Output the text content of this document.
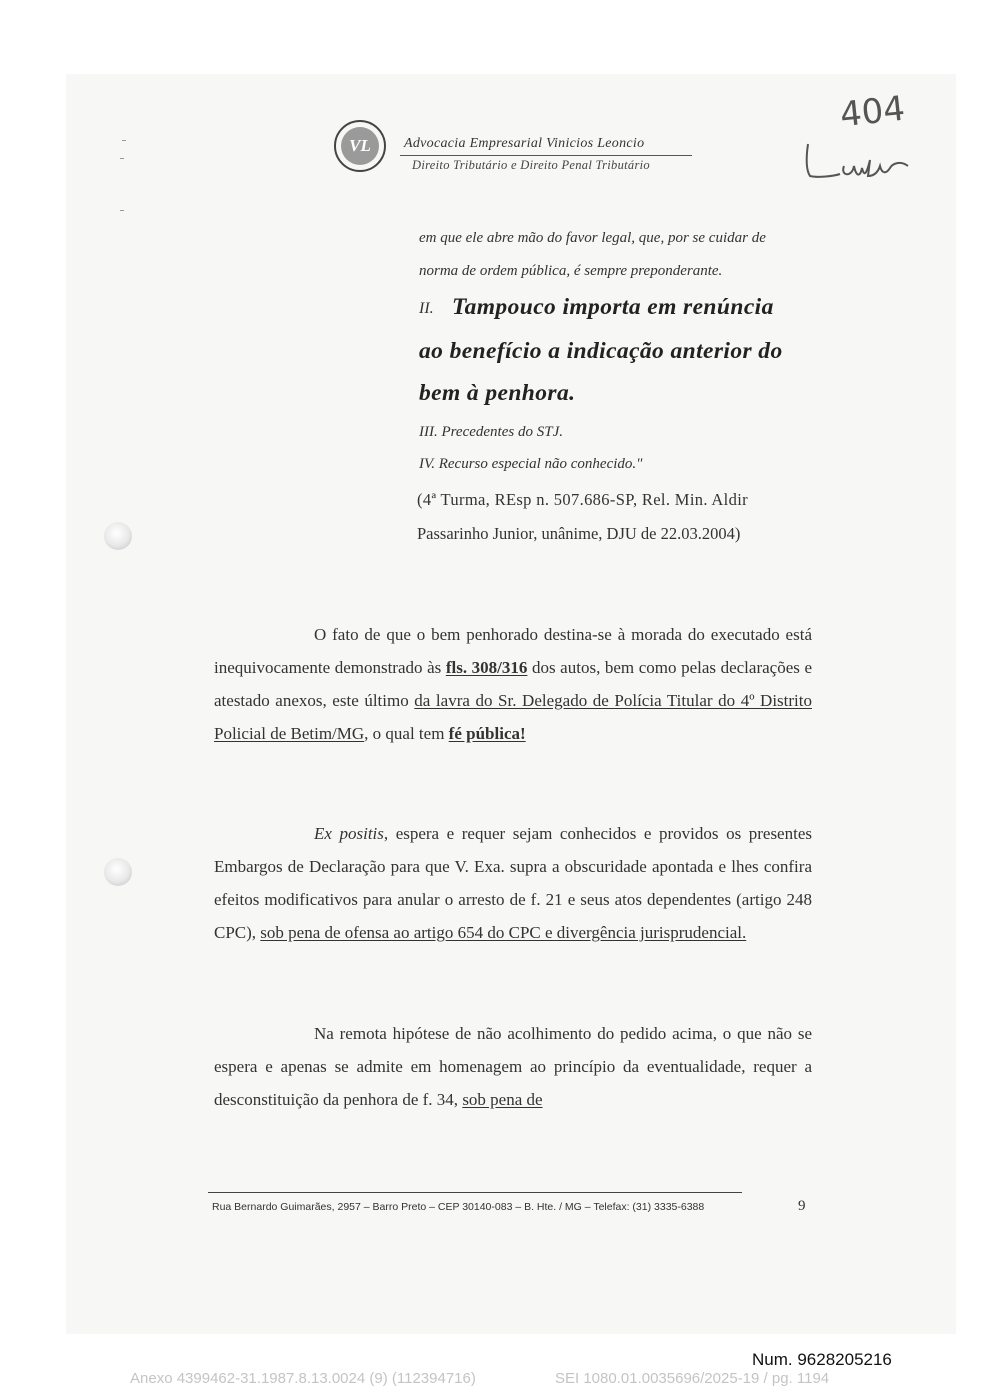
VL	Advocacia Empresarial Vinicios Leoncio
Direito Tributário e Direito Penal Tributário
404
em que ele abre mão do favor legal, que, por se cuidar de
norma de ordem pública, é sempre preponderante.
II. Tampouco importa em renúncia
ao benefício a indicação anterior do
bem à penhora.
III. Precedentes do STJ.
IV. Recurso especial não conhecido."
(4ª Turma, REsp n. 507.686-SP, Rel. Min. Aldir
Passarinho Junior, unânime, DJU de 22.03.2004)
O fato de que o bem penhorado destina-se à morada do executado está inequivocamente demonstrado às fls. 308/316 dos autos, bem como pelas declarações e atestado anexos, este último da lavra do Sr. Delegado de Polícia Titular do 4º Distrito Policial de Betim/MG, o qual tem fé pública!
Ex positis, espera e requer sejam conhecidos e providos os presentes Embargos de Declaração para que V. Exa. supra a obscuridade apontada e lhes confira efeitos modificativos para anular o arresto de f. 21 e seus atos dependentes (artigo 248 CPC), sob pena de ofensa ao artigo 654 do CPC e divergência jurisprudencial.
Na remota hipótese de não acolhimento do pedido acima, o que não se espera e apenas se admite em homenagem ao princípio da eventualidade, requer a desconstituição da penhora de f. 34, sob pena de
Rua Bernardo Guimarães, 2957 – Barro Preto – CEP 30140-083 – B. Hte. / MG – Telefax: (31) 3335-6388	9
Num. 9628205216
Anexo 4399462-31.1987.8.13.0024 (9) (112394716)	SEI 1080.01.0035696/2025-19 / pg. 1194
